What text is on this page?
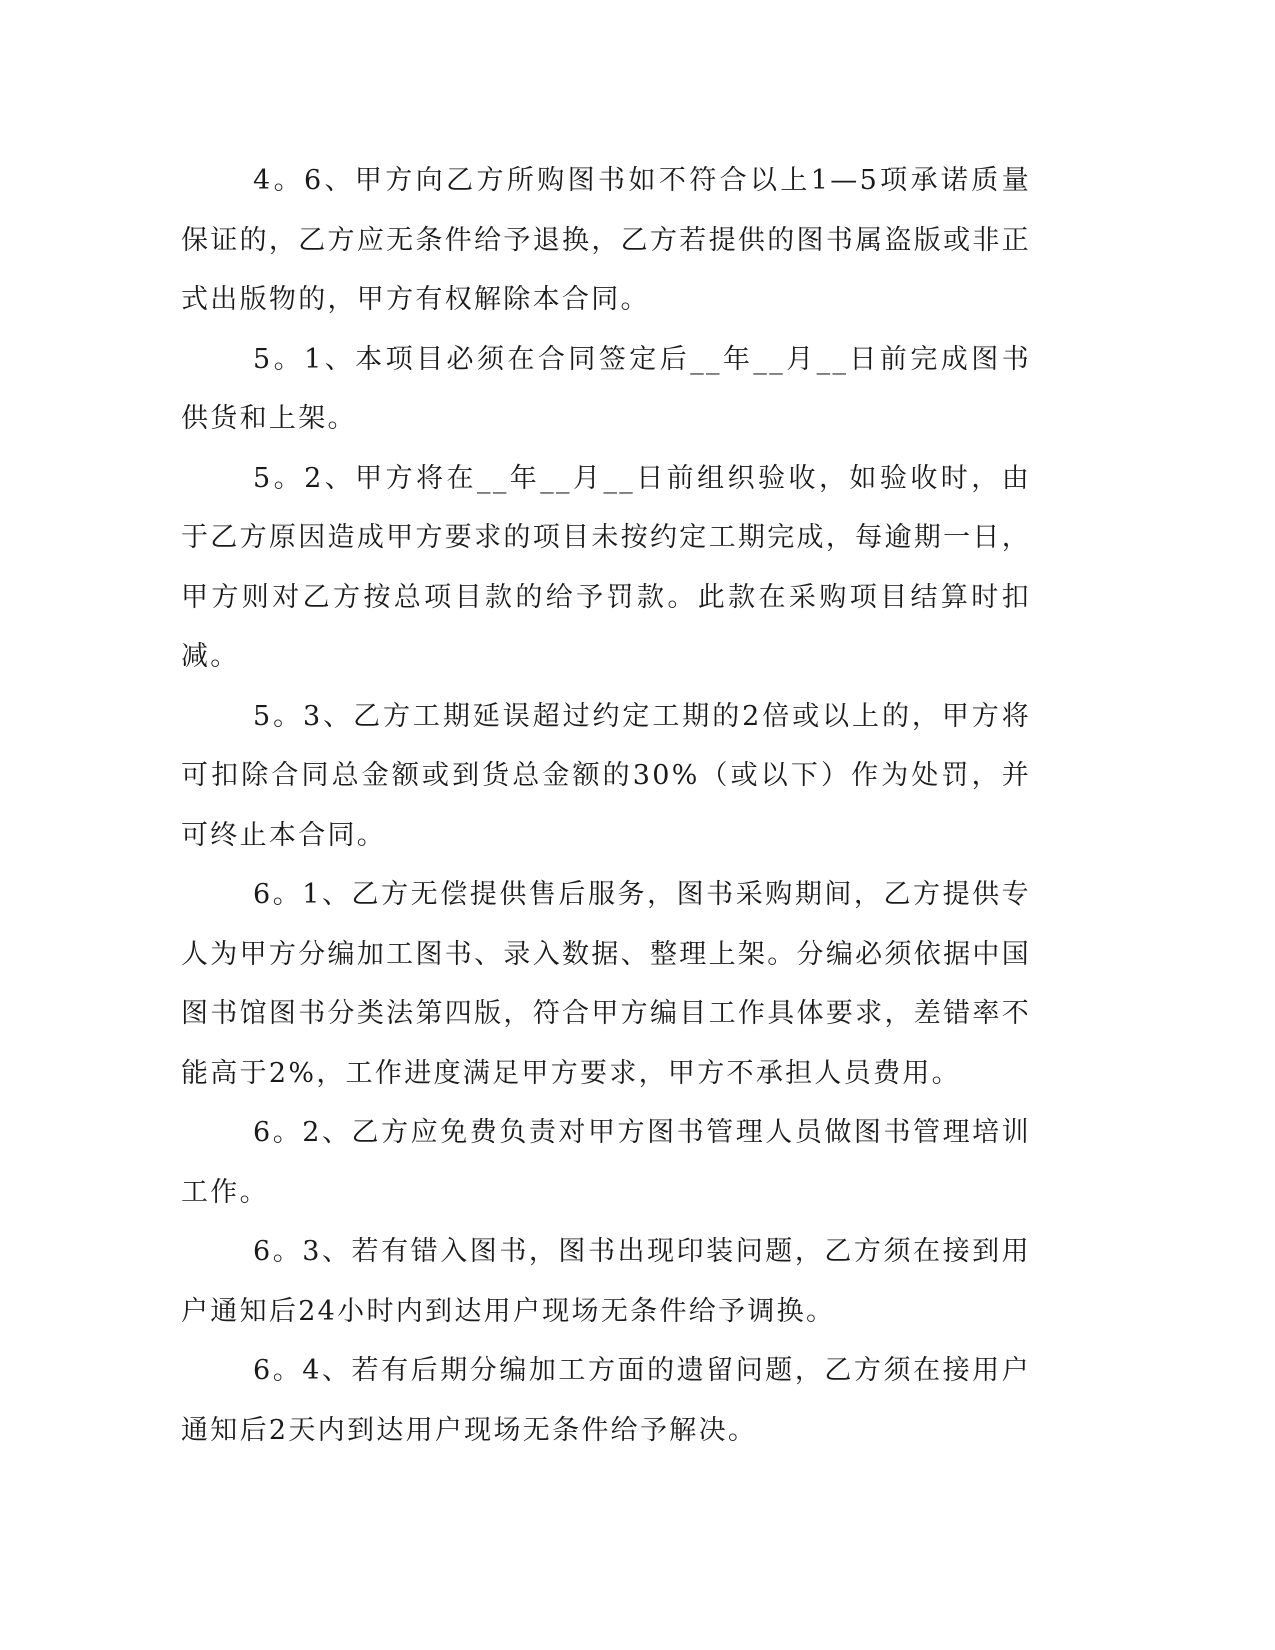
4。6、甲方向乙方所购图书如不符合以上1—5项承诺质量保证的，乙方应无条件给予退换，乙方若提供的图书属盗版或非正式出版物的，甲方有权解除本合同。

5。1、本项目必须在合同签定后__年__月__日前完成图书供货和上架。

5。2、甲方将在__年__月__日前组织验收，如验收时，由于乙方原因造成甲方要求的项目未按约定工期完成，每逾期一日，甲方则对乙方按总项目款的给予罚款。此款在采购项目结算时扣减。

5。3、乙方工期延误超过约定工期的2倍或以上的，甲方将可扣除合同总金额或到货总金额的30%（或以下）作为处罚，并可终止本合同。

6。1、乙方无偿提供售后服务，图书采购期间，乙方提供专人为甲方分编加工图书、录入数据、整理上架。分编必须依据中国图书馆图书分类法第四版，符合甲方编目工作具体要求，差错率不能高于2%，工作进度满足甲方要求，甲方不承担人员费用。

6。2、乙方应免费负责对甲方图书管理人员做图书管理培训工作。

6。3、若有错入图书，图书出现印装问题，乙方须在接到用户通知后24小时内到达用户现场无条件给予调换。

6。4、若有后期分编加工方面的遗留问题，乙方须在接用户通知后2天内到达用户现场无条件给予解决。
